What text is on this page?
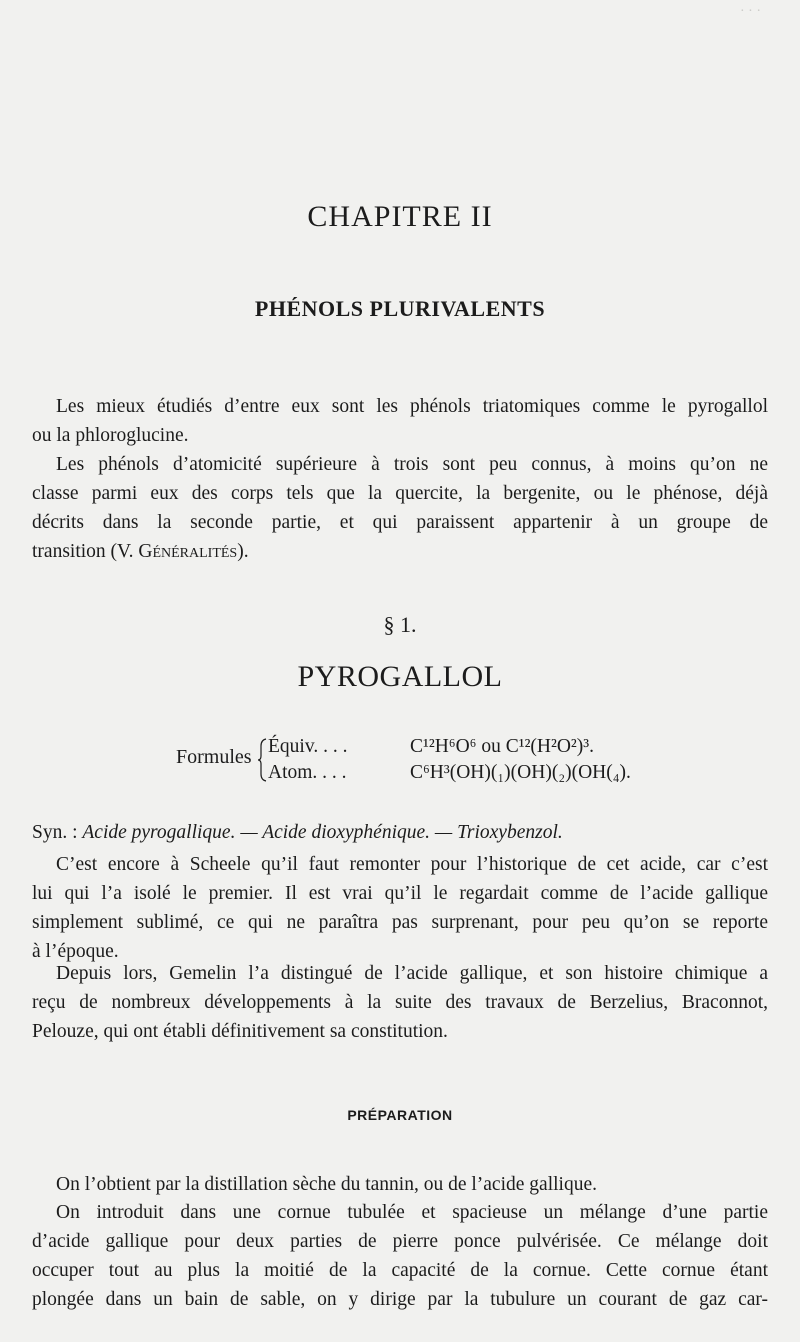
· · ·
CHAPITRE II
PHÉNOLS PLURIVALENTS
Les mieux étudiés d’entre eux sont les phénols triatomiques comme le pyrogallol
ou la phloroglucine.
Les phénols d’atomicité supérieure à trois sont peu connus, à moins qu’on ne
classe parmi eux des corps tels que la quercite, la bergenite, ou le phénose, déjà
décrits dans la seconde partie, et qui paraissent appartenir à un groupe de
transition (V. Généralités).
§ 1.
PYROGALLOL
Formules Équiv. . . .	C¹²H⁶O⁶ ou C¹²(H²O²)³.
Atom. . . .	C⁶H³(OH)(₁)(OH)(₂)(OH(₄).
Syn. : Acide pyrogallique. — Acide dioxyphénique. — Trioxybenzol.
C’est encore à Scheele qu’il faut remonter pour l’historique de cet acide, car c’est
lui qui l’a isolé le premier. Il est vrai qu’il le regardait comme de l’acide gallique
simplement sublimé, ce qui ne paraîtra pas surprenant, pour peu qu’on se reporte
à l’époque.
Depuis lors, Gemelin l’a distingué de l’acide gallique, et son histoire chimique a
reçu de nombreux développements à la suite des travaux de Berzelius, Braconnot,
Pelouze, qui ont établi définitivement sa constitution.
PRÉPARATION
On l’obtient par la distillation sèche du tannin, ou de l’acide gallique.
On introduit dans une cornue tubulée et spacieuse un mélange d’une partie
d’acide gallique pour deux parties de pierre ponce pulvérisée. Ce mélange doit
occuper tout au plus la moitié de la capacité de la cornue. Cette cornue étant
plongée dans un bain de sable, on y dirige par la tubulure un courant de gaz car-
